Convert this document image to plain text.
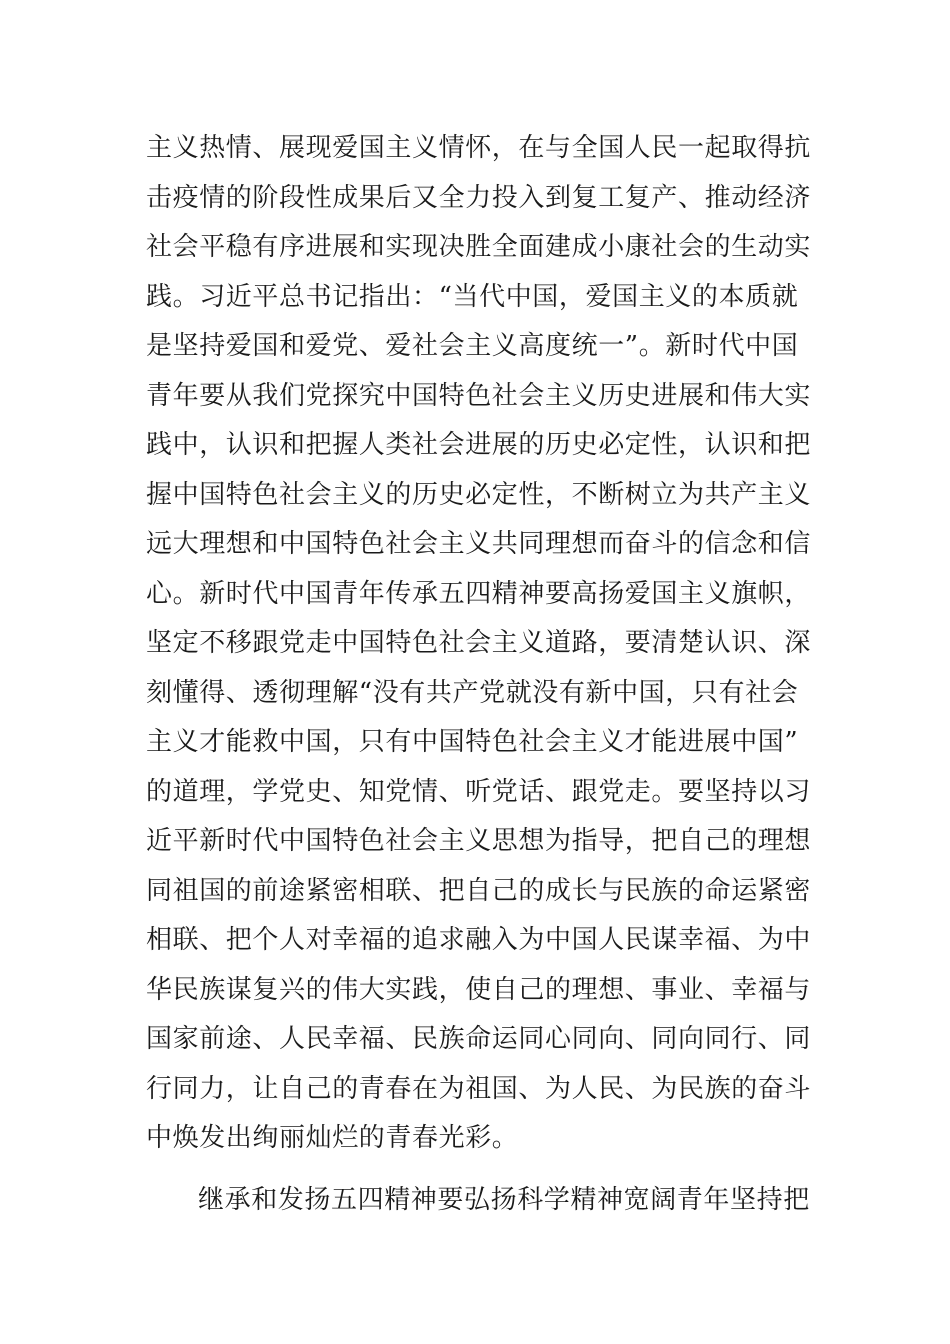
主义热情、展现爱国主义情怀，在与全国人民一起取得抗
击疫情的阶段性成果后又全力投入到复工复产、推动经济
社会平稳有序进展和实现决胜全面建成小康社会的生动实
践。习近平总书记指出：“当代中国，爱国主义的本质就
是坚持爱国和爱党、爱社会主义高度统一”。新时代中国
青年要从我们党探究中国特色社会主义历史进展和伟大实
践中，认识和把握人类社会进展的历史必定性，认识和把
握中国特色社会主义的历史必定性，不断树立为共产主义
远大理想和中国特色社会主义共同理想而奋斗的信念和信
心。新时代中国青年传承五四精神要高扬爱国主义旗帜，
坚定不移跟党走中国特色社会主义道路，要清楚认识、深
刻懂得、透彻理解“没有共产党就没有新中国，只有社会
主义才能救中国，只有中国特色社会主义才能进展中国”
的道理，学党史、知党情、听党话、跟党走。要坚持以习
近平新时代中国特色社会主义思想为指导，把自己的理想
同祖国的前途紧密相联、把自己的成长与民族的命运紧密
相联、把个人对幸福的追求融入为中国人民谋幸福、为中
华民族谋复兴的伟大实践，使自己的理想、事业、幸福与
国家前途、人民幸福、民族命运同心同向、同向同行、同
行同力，让自己的青春在为祖国、为人民、为民族的奋斗
中焕发出绚丽灿烂的青春光彩。
继承和发扬五四精神要弘扬科学精神宽阔青年坚持把
